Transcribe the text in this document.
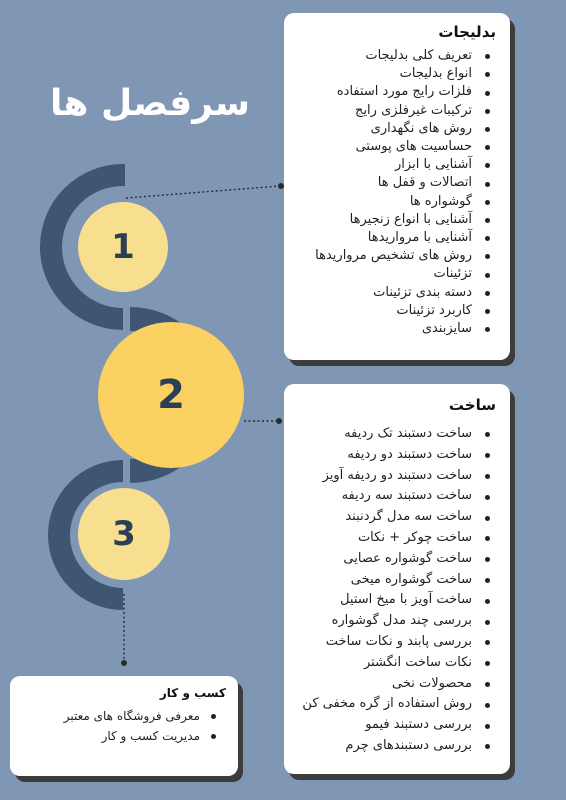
سرفصل ها
1
2
3
بدلیجات
تعریف کلی بدلیجات
انواع بدلیجات
فلزات رایج مورد استفاده
ترکیبات غیرفلزی رایج
روش های نگهداری
حساسیت های پوستی
آشنایی با ابزار
اتصالات و قفل ها
گوشواره ها
آشنایی با انواع زنجیرها
آشنایی با مرواریدها
روش های تشخیص مرواریدها
تزئینات
دسته بندی تزئینات
کاربرد تزئینات
سایزبندی
ساخت
ساخت دستبند تک ردیفه
ساخت دستبند دو ردیفه
ساخت دستبند دو ردیفه آویز
ساخت دستبند سه ردیفه
ساخت سه مدل گردنبند
ساخت چوکر + نکات
ساخت گوشواره عصایی
ساخت گوشواره میخی
ساخت آویز با میخ استیل
بررسی چند مدل گوشواره
بررسی پابند و نکات ساخت
نکات ساخت انگشتر
محصولات نخی
روش استفاده از گره مخفی کن
بررسی دستبند فیمو
بررسی دستبندهای چرم
کسب و کار
معرفی فروشگاه های معتبر
مدیریت کسب و کار
